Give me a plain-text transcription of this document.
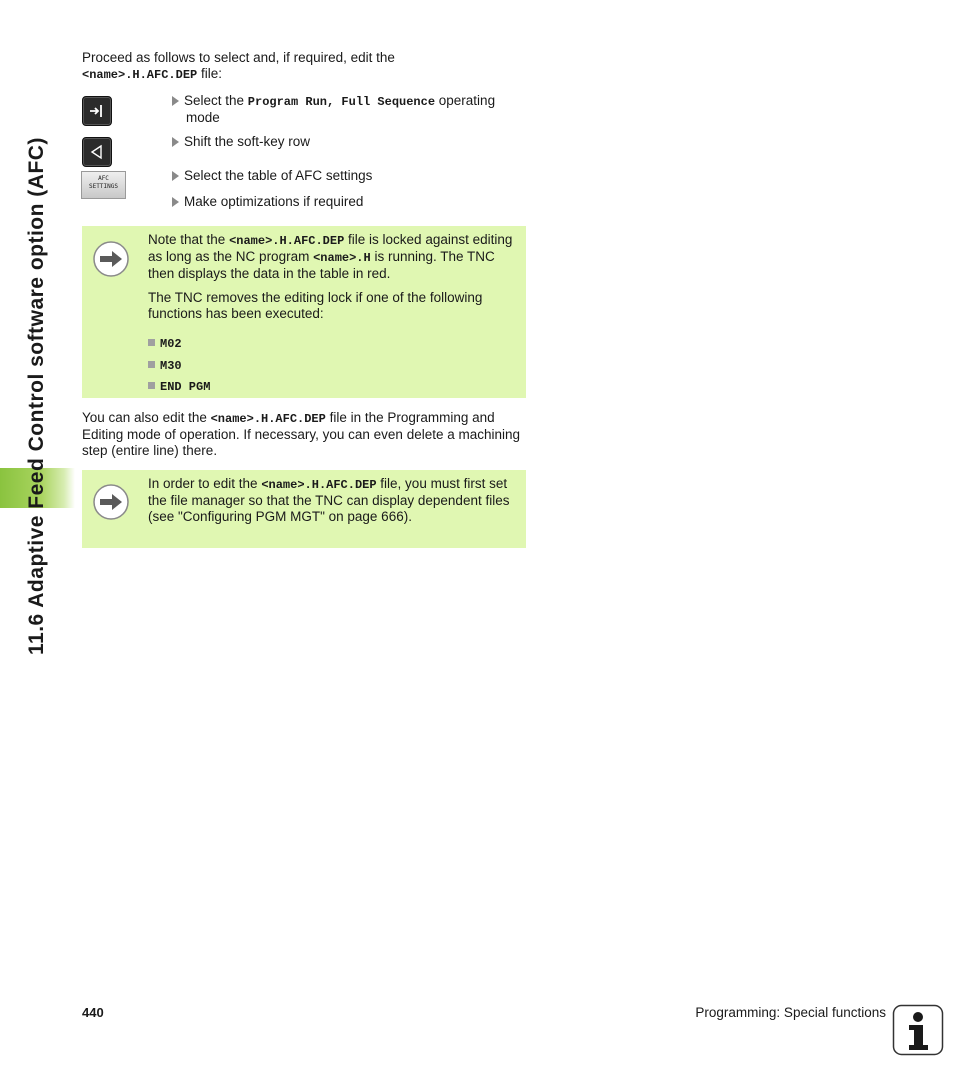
11.6 Adaptive Feed Control software option (AFC)

Proceed as follows to select and, if required, edit the
<name>.H.AFC.DEP file:

AFC
SETTINGS
Select the Program Run, Full Sequence operating
mode
Shift the soft-key row
Select the table of AFC settings
Make optimizations if required
Note that the <name>.H.AFC.DEP file is locked against editing as long as the NC program <name>.H is running. The TNC then displays the data in the table in red.
The TNC removes the editing lock if one of the following functions has been executed:
M02
M30
END PGM

You can also edit the <name>.H.AFC.DEP file in the Programming and Editing mode of operation. If necessary, you can even delete a machining step (entire line) there.

In order to edit the <name>.H.AFC.DEP file, you must first set the file manager so that the TNC can display dependent files (see "Configuring PGM MGT" on page 666).
440	Programming: Special functions
